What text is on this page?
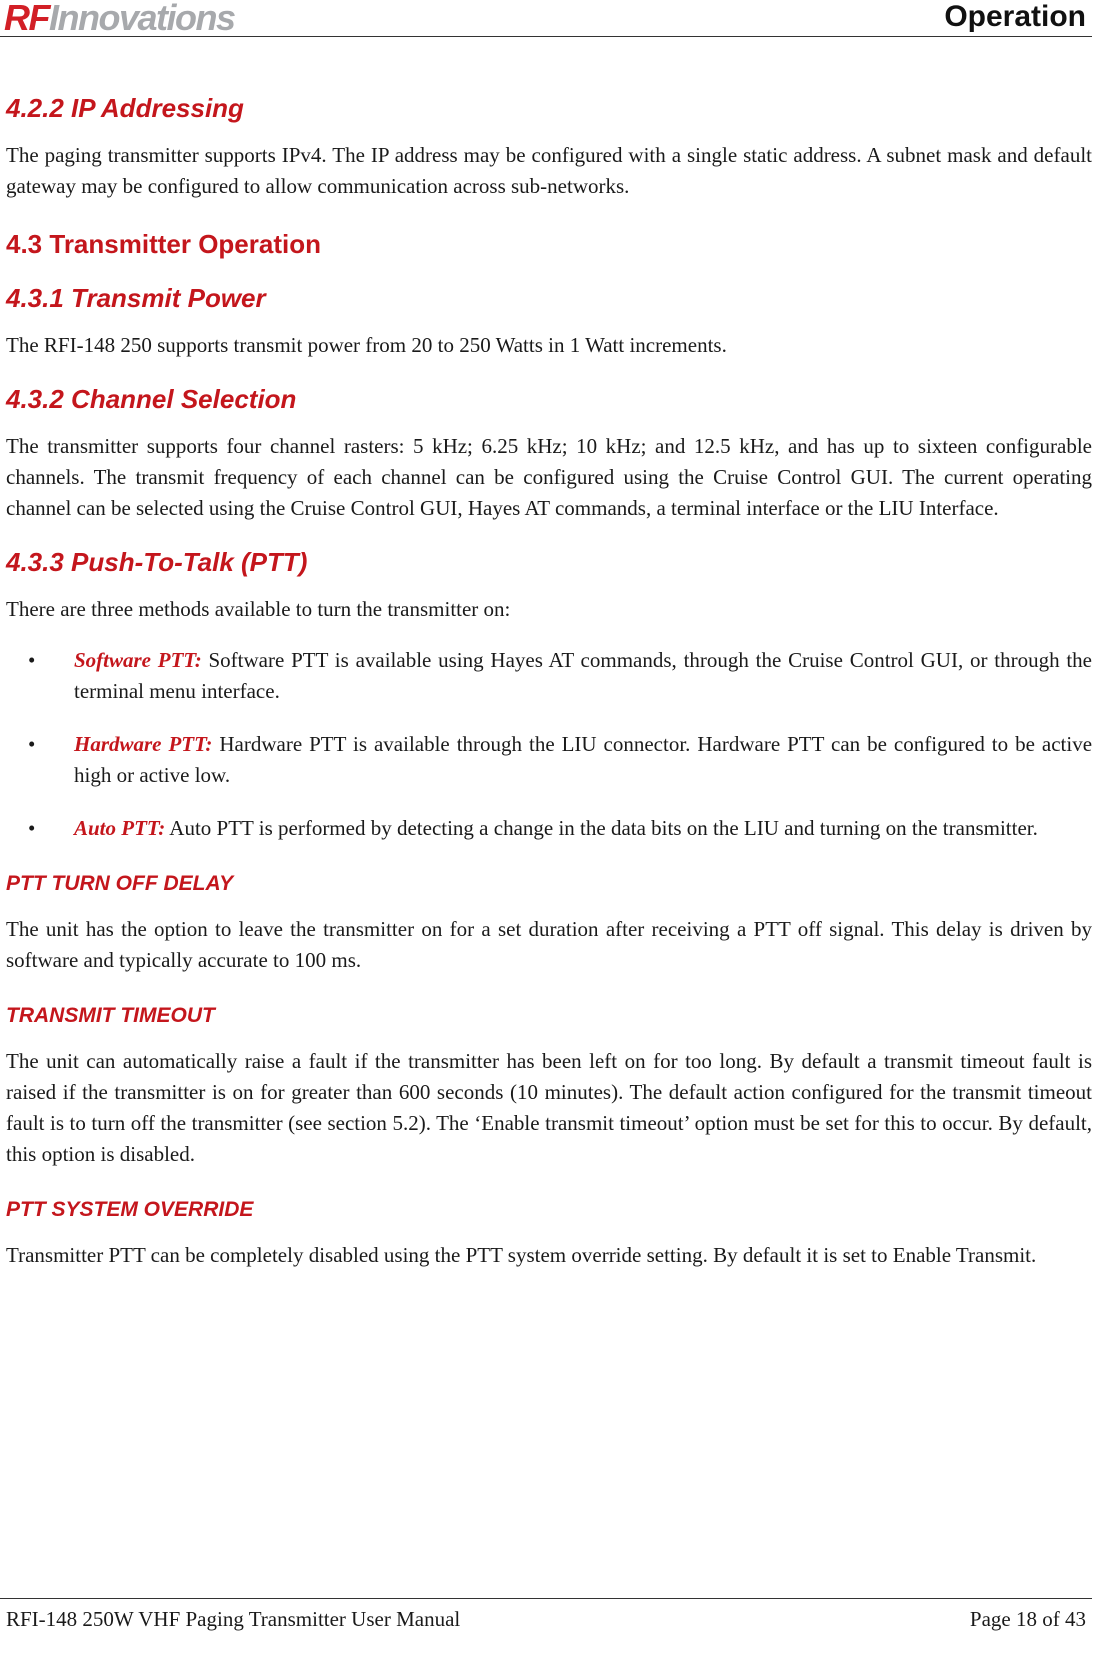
RFInnovations	Operation
4.2.2 IP Addressing

The paging transmitter supports IPv4. The IP address may be configured with a single static address. A subnet mask and default gateway may be configured to allow communication across sub-networks.

4.3 Transmitter Operation
4.3.1 Transmit Power

The RFI-148 250 supports transmit power from 20 to 250 Watts in 1 Watt increments.

4.3.2 Channel Selection

The transmitter supports four channel rasters: 5 kHz; 6.25 kHz; 10 kHz; and 12.5 kHz, and has up to sixteen configurable channels. The transmit frequency of each channel can be configured using the Cruise Control GUI. The current operating channel can be selected using the Cruise Control GUI, Hayes AT commands, a terminal interface or the LIU Interface.

4.3.3 Push-To-Talk (PTT)

There are three methods available to turn the transmitter on:

• Software PTT: Software PTT is available using Hayes AT commands, through the Cruise Control GUI, or through the terminal menu interface.
• Hardware PTT: Hardware PTT is available through the LIU connector. Hardware PTT can be configured to be active high or active low.
• Auto PTT: Auto PTT is performed by detecting a change in the data bits on the LIU and turning on the transmitter.
PTT TURN OFF DELAY

The unit has the option to leave the transmitter on for a set duration after receiving a PTT off signal. This delay is driven by software and typically accurate to 100 ms.

TRANSMIT TIMEOUT

The unit can automatically raise a fault if the transmitter has been left on for too long. By default a transmit timeout fault is raised if the transmitter is on for greater than 600 seconds (10 minutes). The default action configured for the transmit timeout fault is to turn off the transmitter (see section 5.2). The ‘Enable transmit timeout’ option must be set for this to occur. By default, this option is disabled.

PTT SYSTEM OVERRIDE

Transmitter PTT can be completely disabled using the PTT system override setting. By default it is set to Enable Transmit.

RFI-148 250W VHF Paging Transmitter User Manual	Page 18 of 43
